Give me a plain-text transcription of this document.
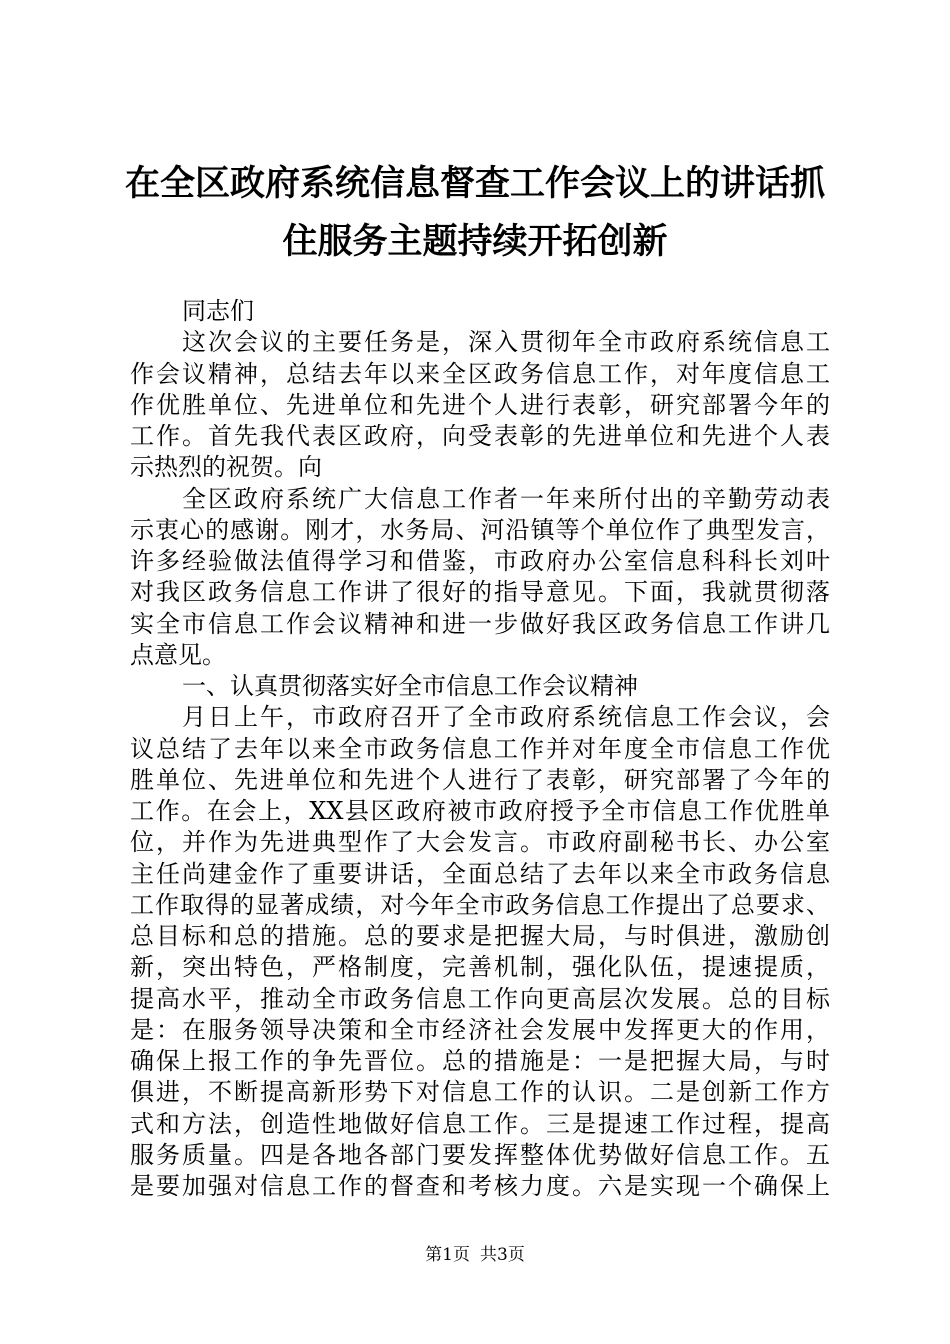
在全区政府系统信息督查工作会议上的讲话抓
住服务主题持续开拓创新
同志们
这次会议的主要任务是，深入贯彻年全市政府系统信息工
作会议精神，总结去年以来全区政务信息工作，对年度信息工
作优胜单位、先进单位和先进个人进行表彰，研究部署今年的
工作。首先我代表区政府，向受表彰的先进单位和先进个人表
示热烈的祝贺。向
全区政府系统广大信息工作者一年来所付出的辛勤劳动表
示衷心的感谢。刚才，水务局、河沿镇等个单位作了典型发言，
许多经验做法值得学习和借鉴，市政府办公室信息科科长刘叶
对我区政务信息工作讲了很好的指导意见。下面，我就贯彻落
实全市信息工作会议精神和进一步做好我区政务信息工作讲几
点意见。
一、认真贯彻落实好全市信息工作会议精神
月日上午，市政府召开了全市政府系统信息工作会议，会
议总结了去年以来全市政务信息工作并对年度全市信息工作优
胜单位、先进单位和先进个人进行了表彰，研究部署了今年的
工作。在会上，XX县区政府被市政府授予全市信息工作优胜单
位，并作为先进典型作了大会发言。市政府副秘书长、办公室
主任尚建金作了重要讲话，全面总结了去年以来全市政务信息
工作取得的显著成绩，对今年全市政务信息工作提出了总要求、
总目标和总的措施。总的要求是把握大局，与时俱进，激励创
新，突出特色，严格制度，完善机制，强化队伍，提速提质，
提高水平，推动全市政务信息工作向更高层次发展。总的目标
是：在服务领导决策和全市经济社会发展中发挥更大的作用，
确保上报工作的争先晋位。总的措施是：一是把握大局，与时
俱进，不断提高新形势下对信息工作的认识。二是创新工作方
式和方法，创造性地做好信息工作。三是提速工作过程，提高
服务质量。四是各地各部门要发挥整体优势做好信息工作。五
是要加强对信息工作的督查和考核力度。六是实现一个确保上
第1页 共3页
